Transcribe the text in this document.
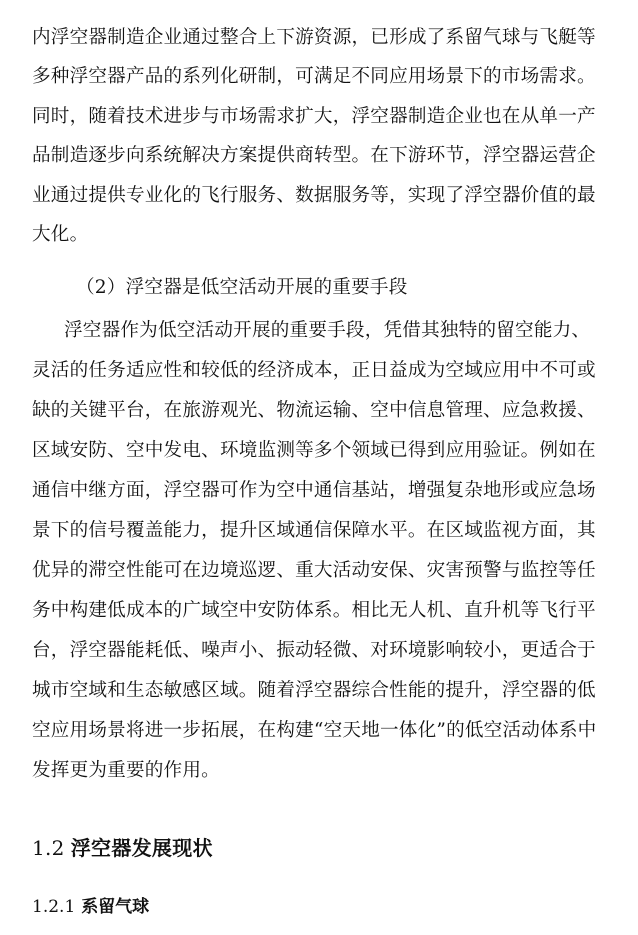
内浮空器制造企业通过整合上下游资源，已形成了系留气球与飞艇等
多种浮空器产品的系列化研制，可满足不同应用场景下的市场需求。
同时，随着技术进步与市场需求扩大，浮空器制造企业也在从单一产
品制造逐步向系统解决方案提供商转型。在下游环节，浮空器运营企
业通过提供专业化的飞行服务、数据服务等，实现了浮空器价值的最
大化。
（2）浮空器是低空活动开展的重要手段
浮空器作为低空活动开展的重要手段，凭借其独特的留空能力、
灵活的任务适应性和较低的经济成本，正日益成为空域应用中不可或
缺的关键平台，在旅游观光、物流运输、空中信息管理、应急救援、
区域安防、空中发电、环境监测等多个领域已得到应用验证。例如在
通信中继方面，浮空器可作为空中通信基站，增强复杂地形或应急场
景下的信号覆盖能力，提升区域通信保障水平。在区域监视方面，其
优异的滞空性能可在边境巡逻、重大活动安保、灾害预警与监控等任
务中构建低成本的广域空中安防体系。相比无人机、直升机等飞行平
台，浮空器能耗低、噪声小、振动轻微、对环境影响较小，更适合于
城市空域和生态敏感区域。随着浮空器综合性能的提升，浮空器的低
空应用场景将进一步拓展，在构建“空天地一体化”的低空活动体系中
发挥更为重要的作用。
1.2 浮空器发展现状
1.2.1 系留气球
